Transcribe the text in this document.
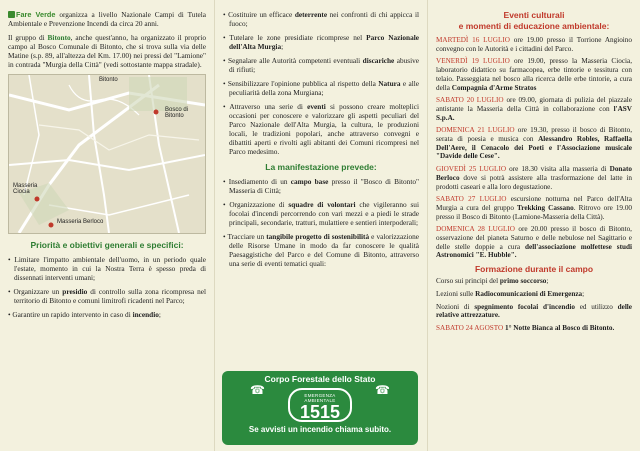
Fare Verde organizza a livello Nazionale Campi di Tutela Ambientale e Prevenzione Incendi da circa 20 anni.

Il gruppo di Bitonto, anche quest'anno, ha organizzato il proprio campo al Bosco Comunale di Bitonto, che si trova sulla via delle Matine (s.p. 89, all'altezza del Km. 17.00) nei pressi del "Lamione" in contrada "Murgia della Città" (vedi sottostante mappa stradale).

Bitonto
Bosco di Bitonto
Masseria Ciocia
Masseria Berloco
Priorità e obiettivi generali e specifici:
• Limitare l'impatto ambientale dell'uomo, in un periodo quale l'estate, momento in cui la Nostra Terra è spesso preda di dissennati interventi umani;
• Organizzare un presidio di controllo sulla zona ricompresa nel territorio di Bitonto e comuni limitrofi ricadenti nel Parco;
• Garantire un rapido intervento in caso di incendio;
• Costituire un efficace deterrente nei confronti di chi appicca il fuoco;
• Tutelare le zone presidiate ricomprese nel Parco Nazionale dell'Alta Murgia;
• Segnalare alle Autorità competenti eventuali discariche abusive di rifiuti;
• Sensibilizzare l'opinione pubblica al rispetto della Natura e alle peculiarità della zona Murgiana;
• Attraverso una serie di eventi si possono creare molteplici occasioni per conoscere e valorizzare gli aspetti peculiari del Parco Nazionale dell'Alta Murgia, la cultura, le produzioni locali, le tradizioni popolari, anche attraverso convegni e dibattiti aperti e rivolti agli abitanti dei Comuni ricompresi nel Parco medesimo.
La manifestazione prevede:
• Insediamento di un campo base presso il "Bosco di Bitonto" Masseria di Città;
• Organizzazione di squadre di volontari che vigileranno sui focolai d'incendi percorrendo con vari mezzi e a piedi le strade principali, secondarie, tratturi, mulattiere e sentieri interpoderali;
• Tracciare un tangibile progetto di sostenibilità e valorizzazione delle Risorse Umane in modo da far conoscere le qualità Paesaggistiche del Parco e del Comune di Bitonto, attraverso una serie di eventi tematici quali:
Corpo Forestale dello Stato
☎	☎
EMERGENZA AMBIENTALE
1515
Se avvisti un incendio chiama subito.
Eventi culturali
e momenti di educazione ambientale:
MARTEDÌ 16 LUGLIO ore 19.00 presso il Torrione Angioino convegno con le Autorità e i cittadini del Parco.
VENERDÌ 19 LUGLIO ore 19.00, presso la Masseria Ciocia, laboratorio didattico su farmacopea, erbe tintorie e tessitura con telaio. Passeggiata nel bosco alla ricerca delle erbe tintorie, a cura della Compagnia d'Arme Stratos
SABATO 20 LUGLIO ore 09.00, giornata di pulizia del piazzale antistante la Masseria della Città in collaborazione con l'ASV S.p.A.
DOMENICA 21 LUGLIO ore 19.30, presso il bosco di Bitonto, serata di poesia e musica con Alessandro Robles, Raffaella Dell'Aere, il Cenacolo dei Poeti e l'Associazione musicale "Davide delle Cese".
GIOVEDÌ 25 LUGLIO ore 18.30 visita alla masseria di Donato Berloco dove si potrà assistere alla trasformazione del latte in prodotti caseari e alla loro degustazione.
SABATO 27 LUGLIO escursione notturna nel Parco dell'Alta Murgia a cura del gruppo Trekking Cassano. Ritrovo ore 19.00 presso il Bosco di Bitonto (Lamione-Masseria della Città).
DOMENICA 28 LUGLIO ore 20.00 presso il bosco di Bitonto, osservazione del pianeta Saturno e delle nebulose nel Sagittario e delle stelle doppie a cura dell'associazione molfettese studi Astronomici "E. Hubble".
Formazione durante il campo
Corso sui principi del primo soccorso;
Lezioni sulle Radiocomunicazioni di Emergenza;
Nozioni di spegnimento focolai d'incendio ed utilizzo delle relative attrezzature.
SABATO 24 AGOSTO 1° Notte Bianca al Bosco di Bitonto.
